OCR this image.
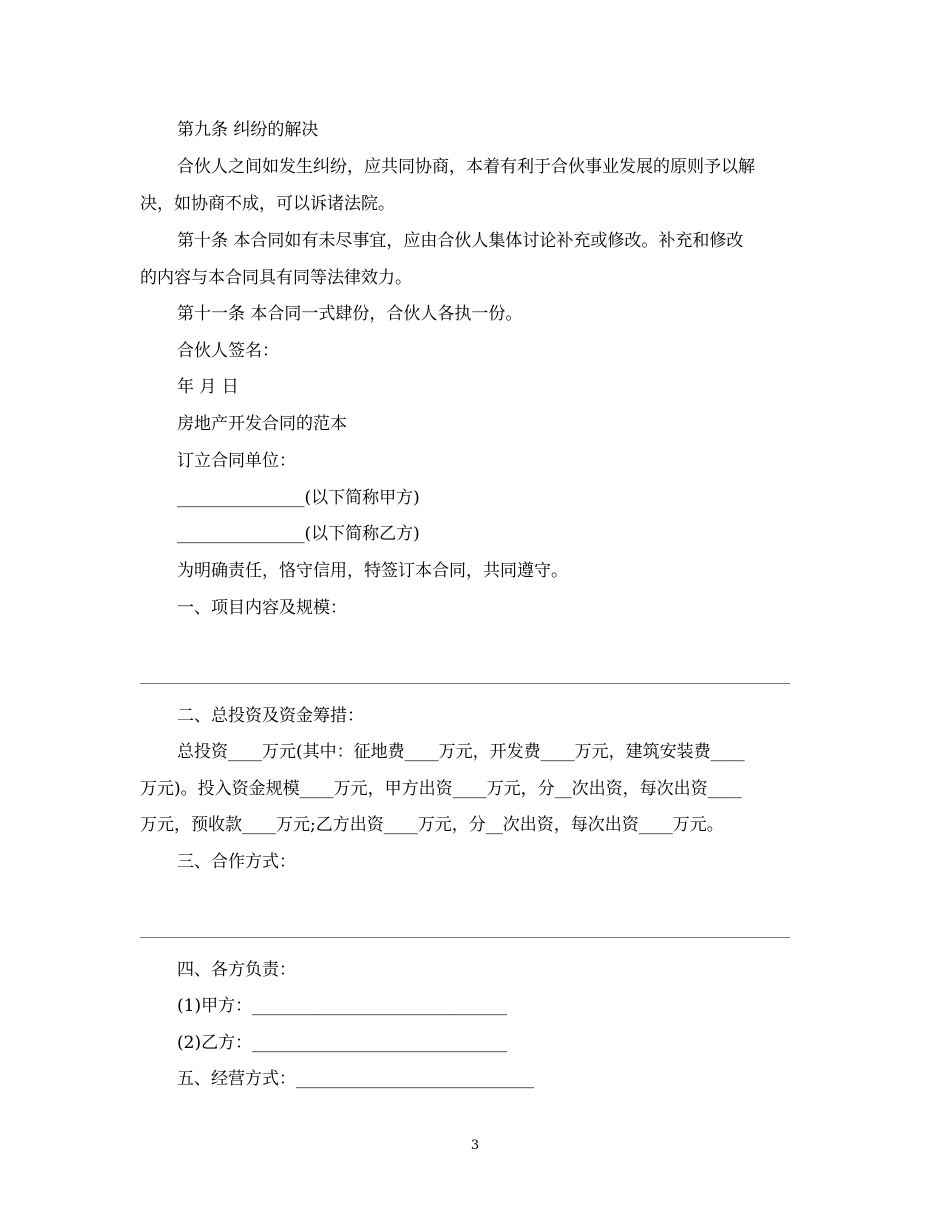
第九条 纠纷的解决
合伙人之间如发生纠纷，应共同协商，本着有利于合伙事业发展的原则予以解
决，如协商不成，可以诉诸法院。
第十条 本合同如有未尽事宜，应由合伙人集体讨论补充或修改。补充和修改
的内容与本合同具有同等法律效力。
第十一条 本合同一式肆份，合伙人各执一份。
合伙人签名：
年 月 日
房地产开发合同的范本
订立合同单位：
_______________(以下简称甲方)
_______________(以下简称乙方)
为明确责任，恪守信用，特签订本合同，共同遵守。
一、项目内容及规模：
二、总投资及资金筹措：
总投资____万元(其中：征地费____万元，开发费____万元，建筑安装费____
万元)。投入资金规模____万元，甲方出资____万元，分__次出资，每次出资____
万元，预收款____万元;乙方出资____万元，分__次出资，每次出资____万元。
三、合作方式：
四、各方负责：
(1)甲方：______________________________
(2)乙方：______________________________
五、经营方式：____________________________
3
